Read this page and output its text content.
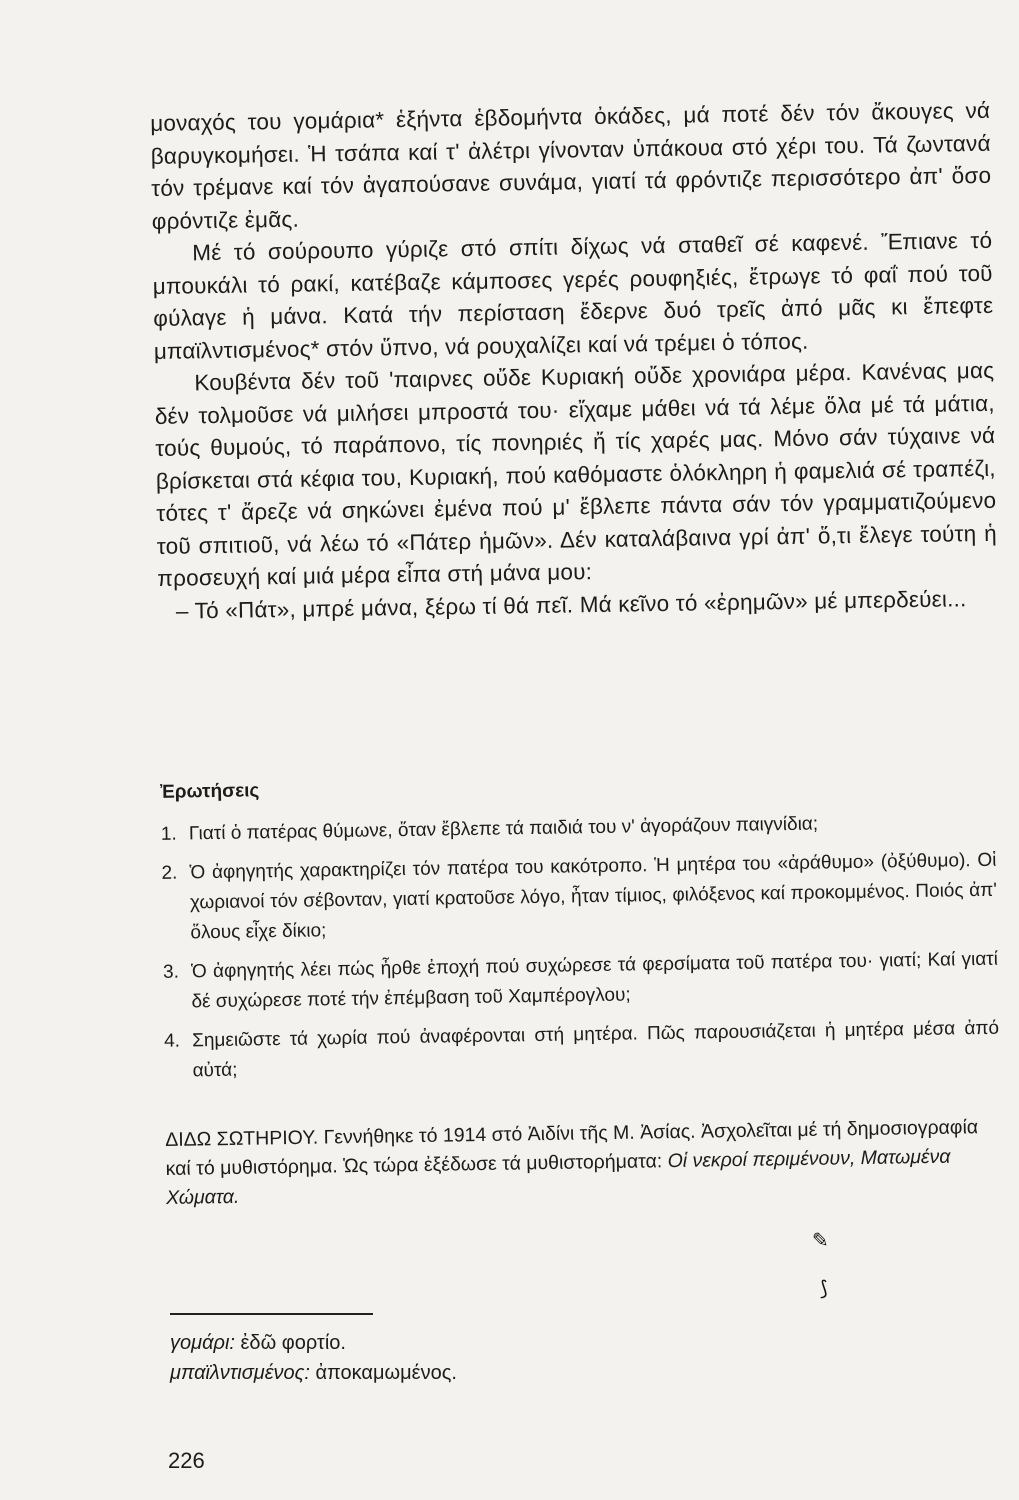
μοναχός του γομάρια* ἑξήντα ἑβδομήντα ὀκάδες, μά ποτέ δέν τόν ἄκουγες νά βαρυγκομήσει. Ἡ τσάπα καί τ' ἀλέτρι γίνονταν ὑπάκουα στό χέρι του. Τά ζωντανά τόν τρέμανε καί τόν ἀγαπούσανε συνάμα, γιατί τά φρόντιζε περισσότερο ἀπ' ὅσο φρόντιζε ἐμᾶς.

Μέ τό σούρουπο γύριζε στό σπίτι δίχως νά σταθεῖ σέ καφενέ. Ἔπιανε τό μπουκάλι τό ρακί, κατέβαζε κάμποσες γερές ρουφηξιές, ἔτρωγε τό φαΐ πού τοῦ φύλαγε ἡ μάνα. Κατά τήν περίσταση ἔδερνε δυό τρεῖς ἀπό μᾶς κι ἔπεφτε μπαϊλντισμένος* στόν ὕπνο, νά ρουχαλίζει καί νά τρέμει ὁ τόπος.

Κουβέντα δέν τοῦ 'παιρνες οὔδε Κυριακή οὔδε χρονιάρα μέρα. Κανένας μας δέν τολμοῦσε νά μιλήσει μπροστά του· εἴχαμε μάθει νά τά λέμε ὅλα μέ τά μάτια, τούς θυμούς, τό παράπονο, τίς πονηριές ἤ τίς χαρές μας. Μόνο σάν τύχαινε νά βρίσκεται στά κέφια του, Κυριακή, πού καθόμαστε ὁλόκληρη ἡ φαμελιά σέ τραπέζι, τότες τ' ἄρεζε νά σηκώνει ἐμένα πού μ' ἔβλεπε πάντα σάν τόν γραμματιζούμενο τοῦ σπιτιοῦ, νά λέω τό «Πάτερ ἡμῶν». Δέν καταλάβαινα γρί ἀπ' ὅ,τι ἔλεγε τούτη ἡ προσευχή καί μιά μέρα εἶπα στή μάνα μου:

– Τό «Πάτ», μπρέ μάνα, ξέρω τί θά πεῖ. Μά κεῖνο τό «ἐρημῶν» μέ μπερδεύει...

Ἐρωτήσεις
1. Γιατί ὁ πατέρας θύμωνε, ὅταν ἔβλεπε τά παιδιά του ν' ἀγοράζουν παιγνίδια;
2. Ὁ ἀφηγητής χαρακτηρίζει τόν πατέρα του κακότροπο. Ἡ μητέρα του «ἀράθυμο» (ὀξύθυμο). Οἱ χωριανοί τόν σέβονταν, γιατί κρατοῦσε λόγο, ἦταν τίμιος, φιλόξενος καί προκομμένος. Ποιός ἀπ' ὅλους εἶχε δίκιο;
3. Ὁ ἀφηγητής λέει πώς ἦρθε ἐποχή πού συχώρεσε τά φερσίματα τοῦ πατέρα του· γιατί; Καί γιατί δέ συχώρεσε ποτέ τήν ἐπέμβαση τοῦ Χαμπέρογλου;
4. Σημειῶστε τά χωρία πού ἀναφέρονται στή μητέρα. Πῶς παρουσιάζεται ἡ μητέρα μέσα ἀπό αὐτά;
ΔΙΔΩ ΣΩΤΗΡΙΟΥ. Γεννήθηκε τό 1914 στό Ἀιδίνι τῆς Μ. Ἀσίας. Ἀσχολεῖται μέ τή δημοσιογραφία καί τό μυθιστόρημα. Ὡς τώρα ἐξέδωσε τά μυθιστορήματα: Οἱ νεκροί περιμένουν, Ματωμένα Χώματα.
✎
⟆
γομάρι: ἐδῶ φορτίο.
μπαϊλντισμένος: ἀποκαμωμένος.
226
